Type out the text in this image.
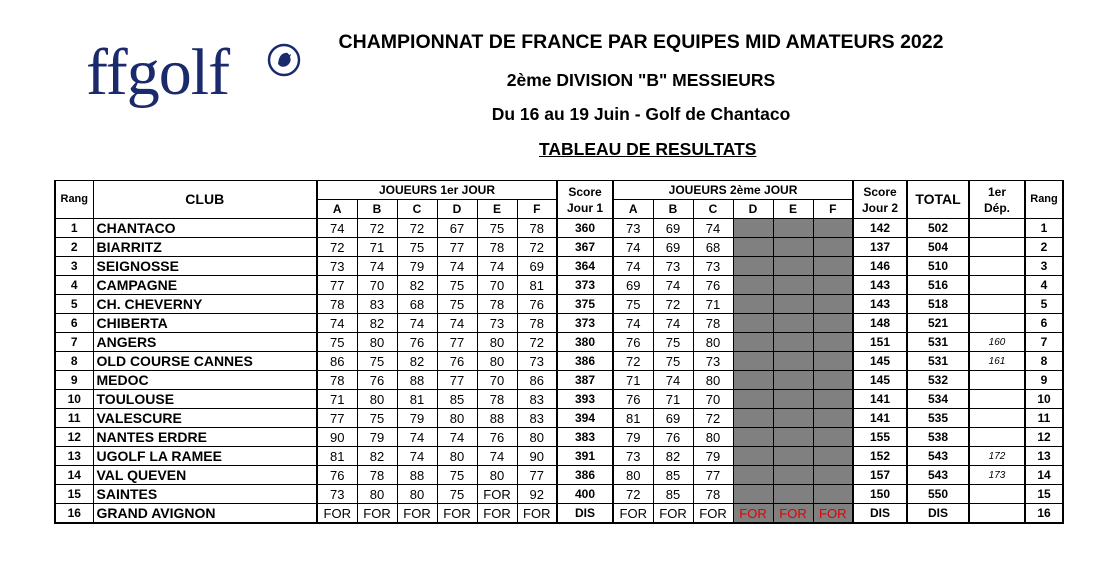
ffgolf	CHAMPIONNAT DE FRANCE PAR EQUIPES MID AMATEURS 2022
2ème DIVISION "B" MESSIEURS
Du 16 au 19 Juin - Golf de Chantaco
TABLEAU DE RESULTATS
Rang	CLUB	JOUEURS 1er JOUR						Score
Jour 1	JOUEURS 2ème JOUR						Score
Jour 2	TOTAL	1er
Dép.	Rang
		A	B	C	D	E	F		A	B	C	D	E	F				
1	CHANTACO	74	72	72	67	75	78	360	73	69	74				142	502		1
2	BIARRITZ	72	71	75	77	78	72	367	74	69	68				137	504		2
3	SEIGNOSSE	73	74	79	74	74	69	364	74	73	73				146	510		3
4	CAMPAGNE	77	70	82	75	70	81	373	69	74	76				143	516		4
5	CH. CHEVERNY	78	83	68	75	78	76	375	75	72	71				143	518		5
6	CHIBERTA	74	82	74	74	73	78	373	74	74	78				148	521		6
7	ANGERS	75	80	76	77	80	72	380	76	75	80				151	531	160	7
8	OLD COURSE CANNES	86	75	82	76	80	73	386	72	75	73				145	531	161	8
9	MEDOC	78	76	88	77	70	86	387	71	74	80				145	532		9
10	TOULOUSE	71	80	81	85	78	83	393	76	71	70				141	534		10
11	VALESCURE	77	75	79	80	88	83	394	81	69	72				141	535		11
12	NANTES ERDRE	90	79	74	74	76	80	383	79	76	80				155	538		12
13	UGOLF LA RAMEE	81	82	74	80	74	90	391	73	82	79				152	543	172	13
14	VAL QUEVEN	76	78	88	75	80	77	386	80	85	77				157	543	173	14
15	SAINTES	73	80	80	75	FOR	92	400	72	85	78				150	550		15
16	GRAND AVIGNON	FOR	FOR	FOR	FOR	FOR	FOR	DIS	FOR	FOR	FOR	FOR	FOR	FOR	DIS	DIS		16
